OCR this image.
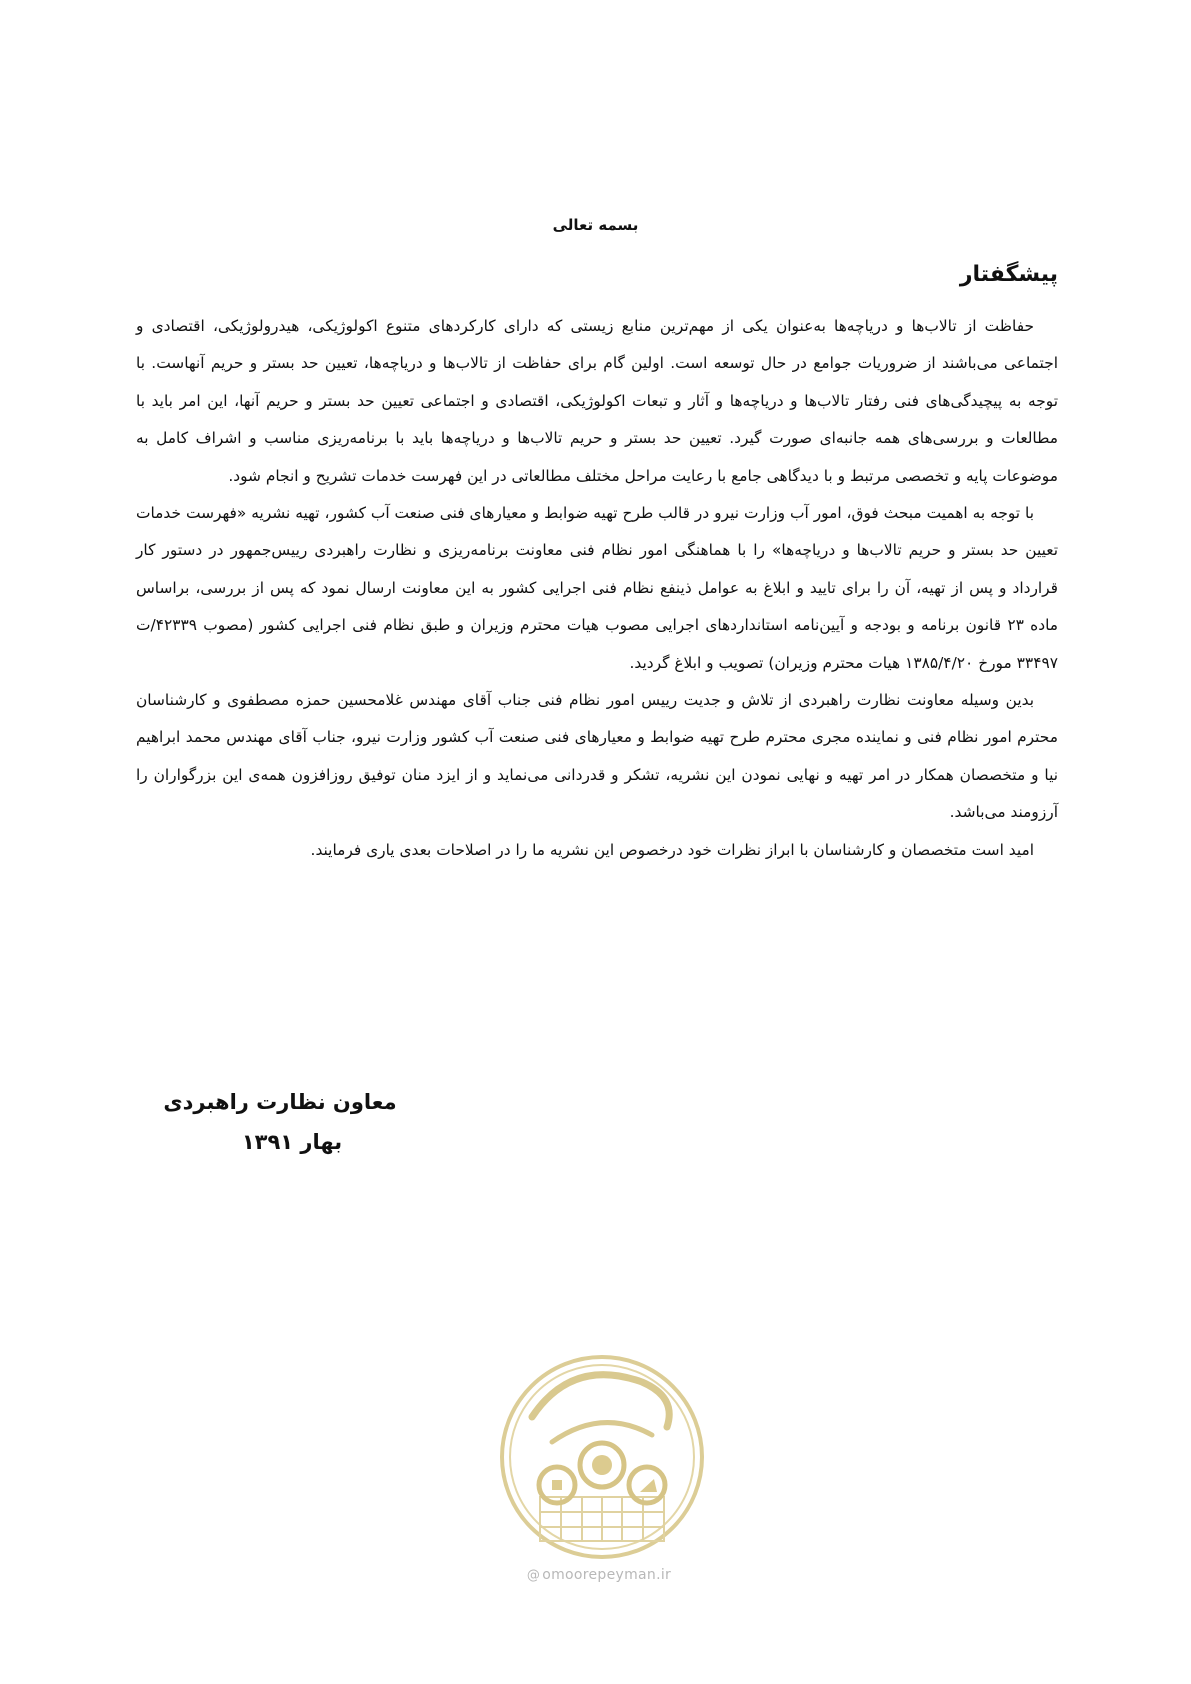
بسمه تعالی
پیشگفتار

حفاظت از تالاب‌ها و دریاچه‌ها به‌عنوان یکی از مهم‌ترین منابع زیستی که دارای کارکردهای متنوع اکولوژیکی، هیدرولوژیکی، اقتصادی و اجتماعی می‌باشند از ضروریات جوامع در حال توسعه است. اولین گام برای حفاظت از تالاب‌ها و دریاچه‌ها، تعیین حد بستر و حریم آنهاست. با توجه به پیچیدگی‌های فنی رفتار تالاب‌ها و دریاچه‌ها و آثار و تبعات اکولوژیکی، اقتصادی و اجتماعی تعیین حد بستر و حریم آنها، این امر باید با مطالعات و بررسی‌های همه جانبه‌ای صورت گیرد. تعیین حد بستر و حریم تالاب‌ها و دریاچه‌ها باید با برنامه‌ریزی مناسب و اشراف کامل به موضوعات پایه و تخصصی مرتبط و با دیدگاهی جامع با رعایت مراحل مختلف مطالعاتی در این فهرست خدمات تشریح و انجام شود.

با توجه به اهمیت مبحث فوق، امور آب وزارت نیرو در قالب طرح تهیه ضوابط و معیارهای فنی صنعت آب کشور، تهیه نشریه «فهرست خدمات تعیین حد بستر و حریم تالاب‌ها و دریاچه‌ها» را با هماهنگی امور نظام فنی معاونت برنامه‌ریزی و نظارت راهبردی رییس‌جمهور در دستور کار قرارداد و پس از تهیه، آن را برای تایید و ابلاغ به عوامل ذینفع نظام فنی اجرایی کشور به این معاونت ارسال نمود که پس از بررسی، براساس ماده ۲۳ قانون برنامه و بودجه و آیین‌نامه استانداردهای اجرایی مصوب هیات محترم وزیران و طبق نظام فنی اجرایی کشور (مصوب ۴۲۳۳۹/ت ۳۳۴۹۷ مورخ ۱۳۸۵/۴/۲۰ هیات محترم وزیران) تصویب و ابلاغ گردید.

بدین وسیله معاونت نظارت راهبردی از تلاش و جدیت رییس امور نظام فنی جناب آقای مهندس غلامحسین حمزه مصطفوی و کارشناسان محترم امور نظام فنی و نماینده مجری محترم طرح تهیه ضوابط و معیارهای فنی صنعت آب کشور وزارت نیرو، جناب آقای مهندس محمد ابراهیم نیا و متخصصان همکار در امر تهیه و نهایی نمودن این نشریه، تشکر و قدردانی می‌نماید و از ایزد منان توفیق روزافزون همه‌ی این بزرگواران را آرزومند می‌باشد.

امید است متخصصان و کارشناسان با ابراز نظرات خود درخصوص این نشریه ما را در اصلاحات بعدی یاری فرمایند.

معاون نظارت راهبردی

بهار ۱۳۹۱
@ omoorepeyman.ir
